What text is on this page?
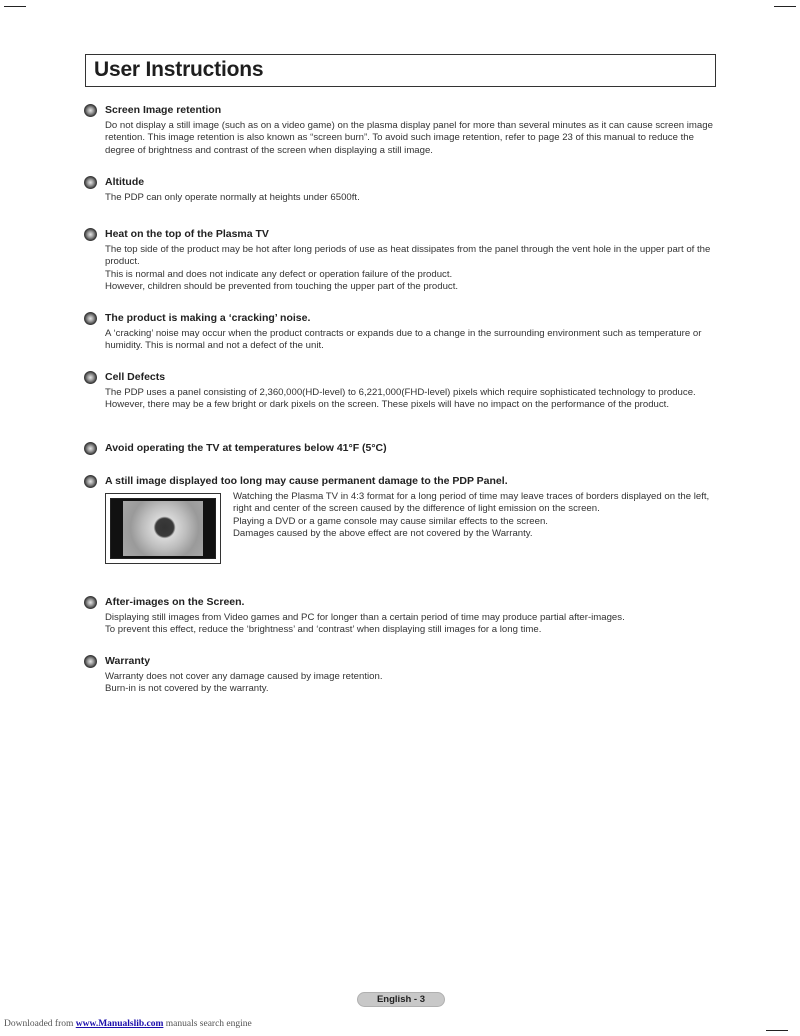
User Instructions
Screen Image retention

Do not display a still image (such as on a video game) on the plasma display panel for more than several minutes as it can cause screen image retention. This image retention is also known as “screen burn”. To avoid such image retention, refer to page 23 of this manual to reduce the degree of brightness and contrast of the screen when displaying a still image.

Altitude

The PDP can only operate normally at heights under 6500ft.

Heat on the top of the Plasma TV

The top side of the product may be hot after long periods of use as heat dissipates from the panel through the vent hole in the upper part of the product.

This is normal and does not indicate any defect or operation failure of the product.

However, children should be prevented from touching the upper part of the product.

The product is making a ‘cracking’ noise.

A ‘cracking’ noise may occur when the product contracts or expands due to a change in the surrounding environment such as temperature or humidity. This is normal and not a defect of the unit.

Cell Defects

The PDP uses a panel consisting of 2,360,000(HD-level) to 6,221,000(FHD-level) pixels which require sophisticated technology to produce. However, there may be a few bright or dark pixels on the screen. These pixels will have no impact on the performance of the product.

Avoid operating the TV at temperatures below 41°F (5°C)
A still image displayed too long may cause permanent damage to the PDP Panel.

Watching the Plasma TV in 4:3 format for a long period of time may leave traces of borders displayed on the left, right and center of the screen caused by the difference of light emission on the screen.

Playing a DVD or a game console may cause similar effects to the screen.

Damages caused by the above effect are not covered by the Warranty.

After-images on the Screen.

Displaying still images from Video games and PC for longer than a certain period of time may produce partial after-images.

To prevent this effect, reduce the ‘brightness’ and ‘contrast’ when displaying still images for a long time.

Warranty

Warranty does not cover any damage caused by image retention.

Burn-in is not covered by the warranty.

English - 3
Downloaded from www.Manualslib.com manuals search engine
